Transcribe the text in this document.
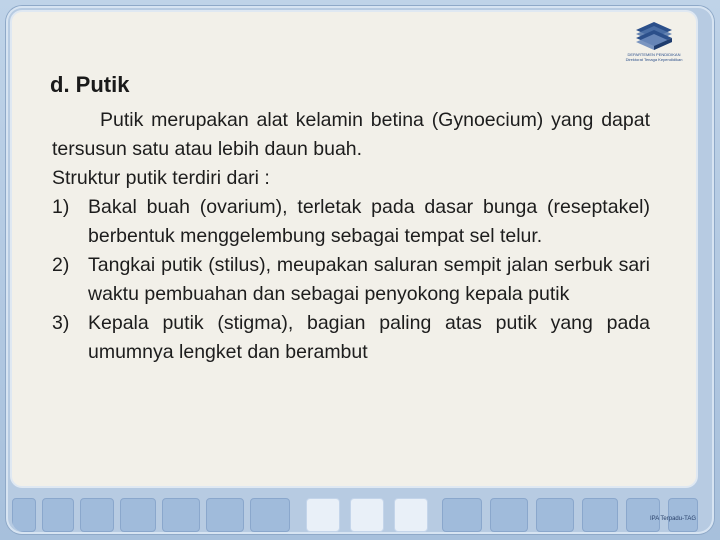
DEPARTEMEN PENDIDIKAN
Direktorat Tenaga Kependidikan
d. Putik

Putik merupakan alat kelamin betina (Gynoecium) yang dapat tersusun satu atau lebih daun buah.

Struktur putik terdiri dari :

1) Bakal buah (ovarium), terletak pada dasar bunga (reseptakel) berbentuk menggelembung sebagai tempat sel telur.
2) Tangkai putik (stilus), meupakan saluran sempit jalan serbuk sari waktu pembuahan dan sebagai penyokong kepala putik
3) Kepala putik (stigma), bagian paling atas putik yang pada umumnya lengket dan berambut
IPA Terpadu-TAG
